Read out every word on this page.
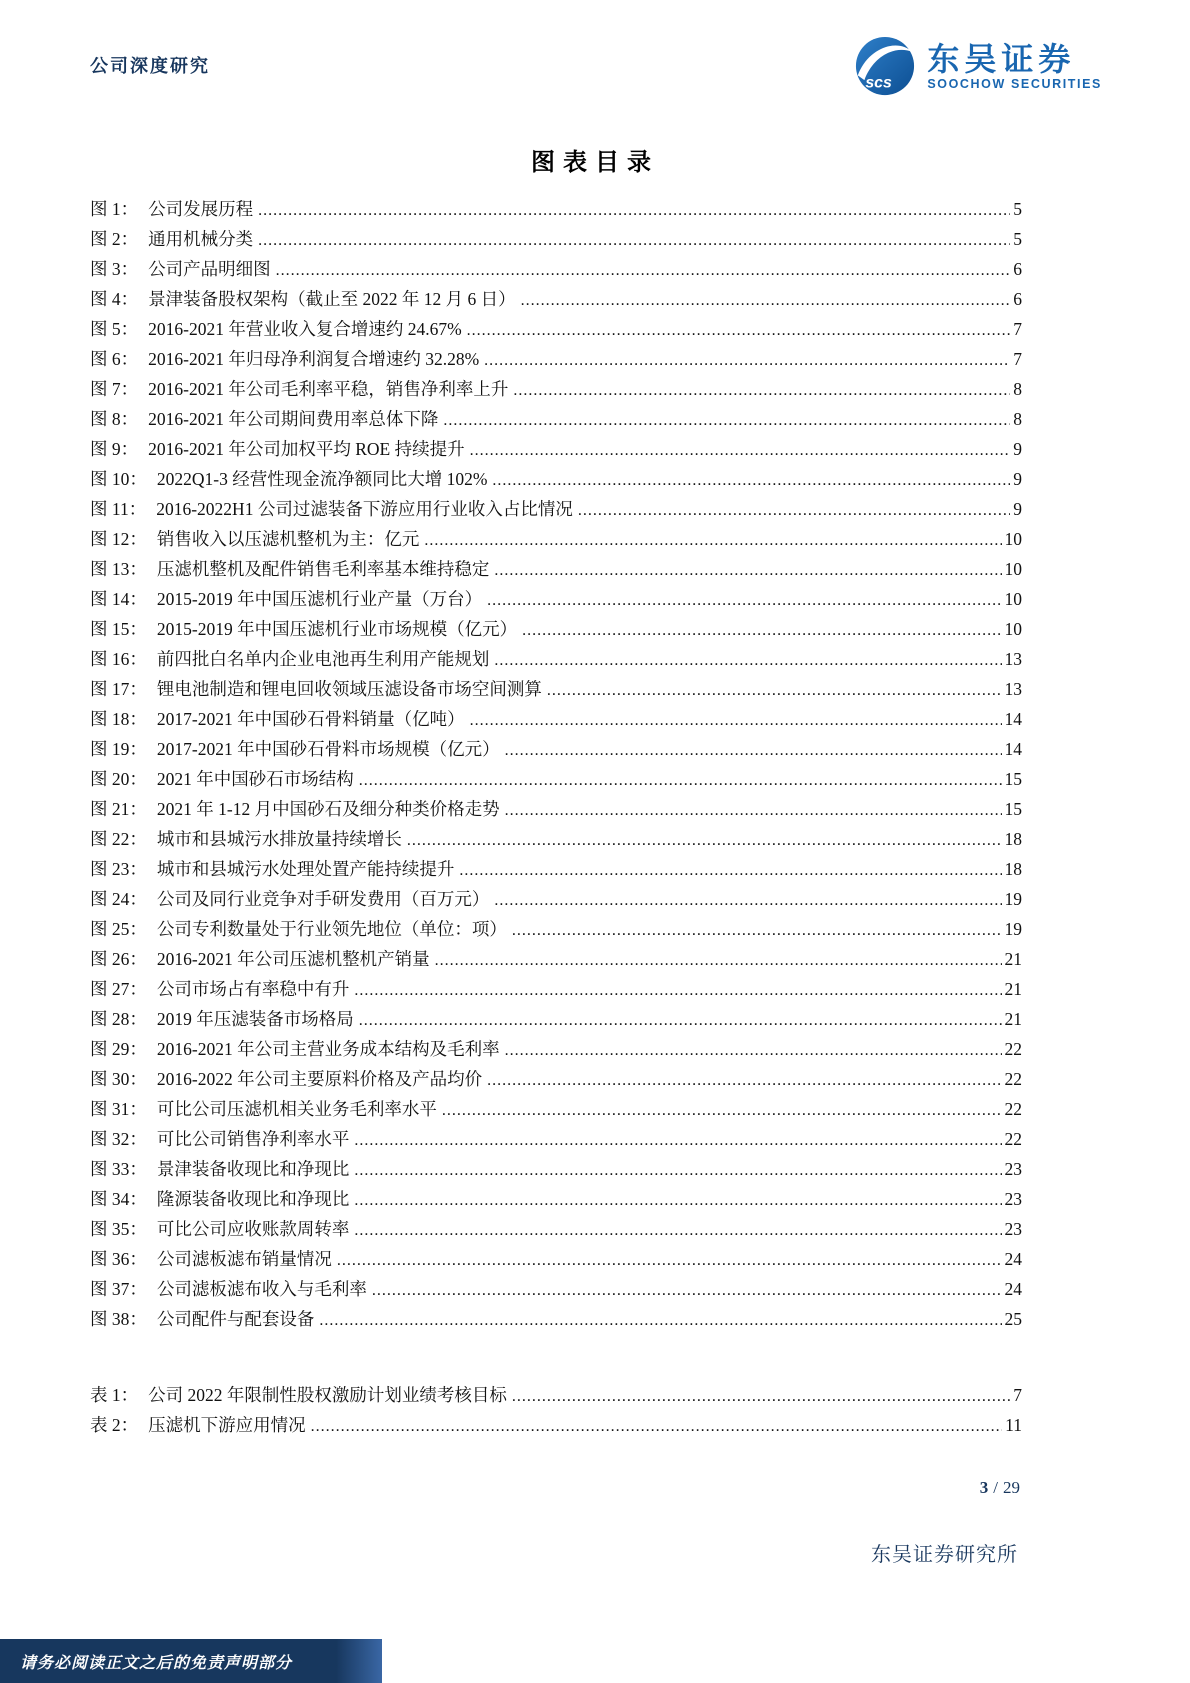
公司深度研究
scs
东吴证券
SOOCHOW SECURITIES
图表目录
图 1： 公司发展历程 .....	5
图 2： 通用机械分类 .....	5
图 3： 公司产品明细图 .....	6
图 4： 景津装备股权架构（截止至 2022 年 12 月 6 日） .....	6
图 5： 2016-2021 年营业收入复合增速约 24.67% .....	7
图 6： 2016-2021 年归母净利润复合增速约 32.28% .....	7
图 7： 2016-2021 年公司毛利率平稳，销售净利率上升 .....	8
图 8： 2016-2021 年公司期间费用率总体下降 .....	8
图 9： 2016-2021 年公司加权平均 ROE 持续提升 .....	9
图 10： 2022Q1-3 经营性现金流净额同比大增 102% .....	9
图 11： 2016-2022H1 公司过滤装备下游应用行业收入占比情况 .....	9
图 12： 销售收入以压滤机整机为主：亿元 .....	10
图 13： 压滤机整机及配件销售毛利率基本维持稳定 .....	10
图 14： 2015-2019 年中国压滤机行业产量（万台） .....	10
图 15： 2015-2019 年中国压滤机行业市场规模（亿元） .....	10
图 16： 前四批白名单内企业电池再生利用产能规划 .....	13
图 17： 锂电池制造和锂电回收领域压滤设备市场空间测算 .....	13
图 18： 2017-2021 年中国砂石骨料销量（亿吨） .....	14
图 19： 2017-2021 年中国砂石骨料市场规模（亿元） .....	14
图 20： 2021 年中国砂石市场结构 .....	15
图 21： 2021 年 1-12 月中国砂石及细分种类价格走势 .....	15
图 22： 城市和县城污水排放量持续增长 .....	18
图 23： 城市和县城污水处理处置产能持续提升 .....	18
图 24： 公司及同行业竞争对手研发费用（百万元） .....	19
图 25： 公司专利数量处于行业领先地位（单位：项） .....	19
图 26： 2016-2021 年公司压滤机整机产销量 .....	21
图 27： 公司市场占有率稳中有升 .....	21
图 28： 2019 年压滤装备市场格局 .....	21
图 29： 2016-2021 年公司主营业务成本结构及毛利率 .....	22
图 30： 2016-2022 年公司主要原料价格及产品均价 .....	22
图 31： 可比公司压滤机相关业务毛利率水平 .....	22
图 32： 可比公司销售净利率水平 .....	22
图 33： 景津装备收现比和净现比 .....	23
图 34： 隆源装备收现比和净现比 .....	23
图 35： 可比公司应收账款周转率 .....	23
图 36： 公司滤板滤布销量情况 .....	24
图 37： 公司滤板滤布收入与毛利率 .....	24
图 38： 公司配件与配套设备 .....	25
表 1： 公司 2022 年限制性股权激励计划业绩考核目标 .....	7
表 2： 压滤机下游应用情况 .....	11
3 / 29
东吴证券研究所
请务必阅读正文之后的免责声明部分
